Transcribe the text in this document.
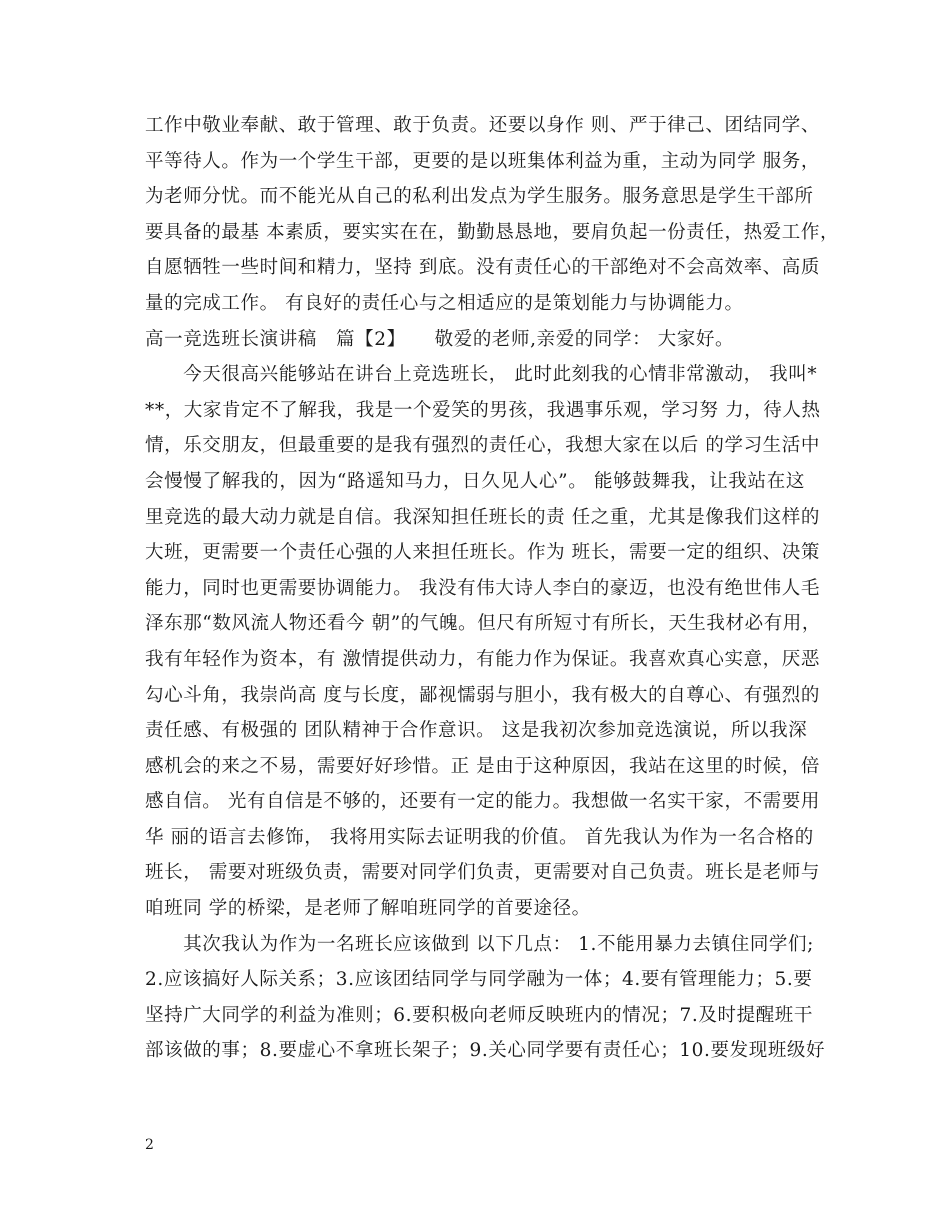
工作中敬业奉献、敢于管理、敢于负责。还要以身作 则、严于律己、团结同学、
平等待人。作为一个学生干部，更要的是以班集体利益为重，主动为同学 服务，
为老师分忧。而不能光从自己的私利出发点为学生服务。服务意思是学生干部所
要具备的最基 本素质，要实实在在，勤勤恳恳地，要肩负起一份责任，热爱工作，
自愿牺牲一些时间和精力，坚持 到底。没有责任心的干部绝对不会高效率、高质
量的完成工作。 有良好的责任心与之相适应的是策划能力与协调能力。
高一竞选班长演讲稿　篇【2】　　敬爱的老师,亲爱的同学： 大家好。
　　今天很高兴能够站在讲台上竞选班长， 此时此刻我的心情非常激动， 我叫*
**，大家肯定不了解我，我是一个爱笑的男孩，我遇事乐观，学习努 力，待人热
情，乐交朋友，但最重要的是我有强烈的责任心，我想大家在以后 的学习生活中
会慢慢了解我的，因为“路遥知马力，日久见人心”。 能够鼓舞我，让我站在这
里竞选的最大动力就是自信。我深知担任班长的责 任之重，尤其是像我们这样的
大班，更需要一个责任心强的人来担任班长。作为 班长，需要一定的组织、决策
能力，同时也更需要协调能力。 我没有伟大诗人李白的豪迈，也没有绝世伟人毛
泽东那“数风流人物还看今 朝”的气魄。但尺有所短寸有所长，天生我材必有用，
我有年轻作为资本，有 激情提供动力，有能力作为保证。我喜欢真心实意，厌恶
勾心斗角，我崇尚高 度与长度，鄙视懦弱与胆小，我有极大的自尊心、有强烈的
责任感、有极强的 团队精神于合作意识。 这是我初次参加竞选演说，所以我深
感机会的来之不易，需要好好珍惜。正 是由于这种原因，我站在这里的时候，倍
感自信。 光有自信是不够的，还要有一定的能力。我想做一名实干家，不需要用
华 丽的语言去修饰， 我将用实际去证明我的价值。 首先我认为作为一名合格的
班长， 需要对班级负责，需要对同学们负责，更需要对自己负责。班长是老师与
咱班同 学的桥梁，是老师了解咱班同学的首要途径。
　　其次我认为作为一名班长应该做到 以下几点： 1.不能用暴力去镇住同学们;
2.应该搞好人际关系；3.应该团结同学与同学融为一体；4.要有管理能力；5.要
坚持广大同学的利益为准则；6.要积极向老师反映班内的情况；7.及时提醒班干
部该做的事；8.要虚心不拿班长架子；9.关心同学要有责任心；10.要发现班级好
2
